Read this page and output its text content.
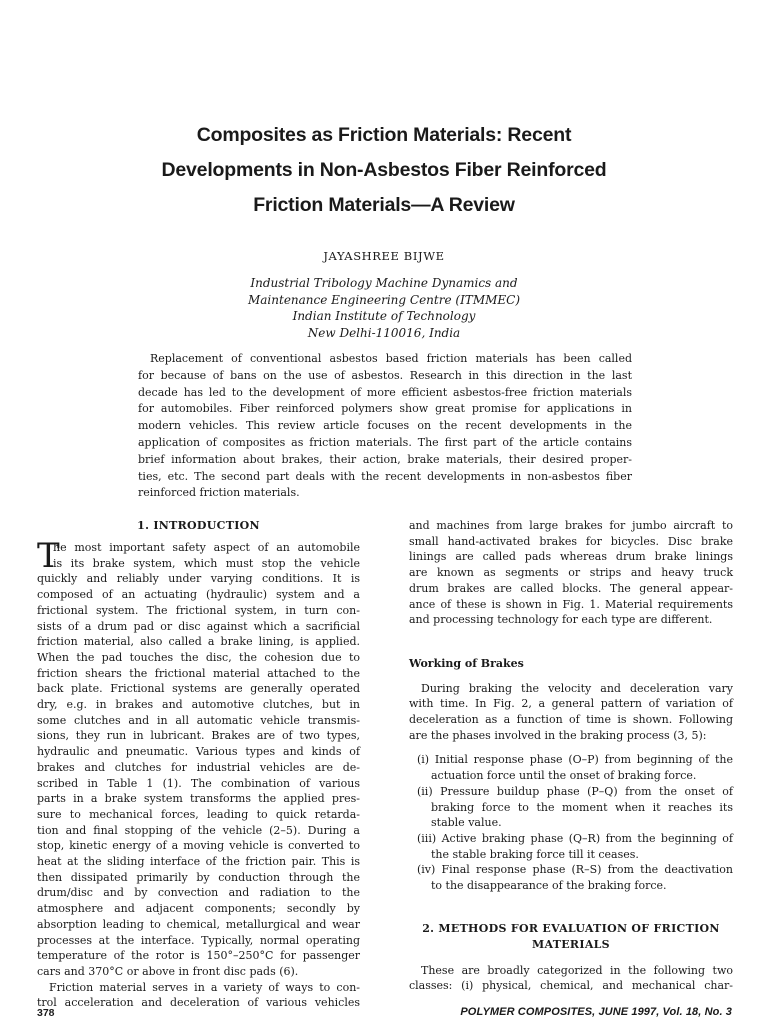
Composites as Friction Materials: Recent
Developments in Non-Asbestos Fiber Reinforced
Friction Materials—A Review
JAYASHREE BIJWE
Industrial Tribology Machine Dynamics and
Maintenance Engineering Centre (ITMMEC)
Indian Institute of Technology
New Delhi-110016, India
Replacement of conventional asbestos based friction materials has been called
for because of bans on the use of asbestos. Research in this direction in the last
decade has led to the development of more efficient asbestos-free friction materials
for automobiles. Fiber reinforced polymers show great promise for applications in
modern vehicles. This review article focuses on the recent developments in the
application of composites as friction materials. The first part of the article contains
brief information about brakes, their action, brake materials, their desired proper-
ties, etc. The second part deals with the recent developments in non-asbestos fiber
reinforced friction materials.
1. INTRODUCTION
T
he most important safety aspect of an automobile
is its brake system, which must stop the vehicle
quickly and reliably under varying conditions. It is
composed of an actuating (hydraulic) system and a
frictional system. The frictional system, in turn con-
sists of a drum pad or disc against which a sacrificial
friction material, also called a brake lining, is applied.
When the pad touches the disc, the cohesion due to
friction shears the frictional material attached to the
back plate. Frictional systems are generally operated
dry, e.g. in brakes and automotive clutches, but in
some clutches and in all automatic vehicle transmis-
sions, they run in lubricant. Brakes are of two types,
hydraulic and pneumatic. Various types and kinds of
brakes and clutches for industrial vehicles are de-
scribed in Table 1 (1). The combination of various
parts in a brake system transforms the applied pres-
sure to mechanical forces, leading to quick retarda-
tion and final stopping of the vehicle (2–5). During a
stop, kinetic energy of a moving vehicle is converted to
heat at the sliding interface of the friction pair. This is
then dissipated primarily by conduction through the
drum/disc and by convection and radiation to the
atmosphere and adjacent components; secondly by
absorption leading to chemical, metallurgical and wear
processes at the interface. Typically, normal operating
temperature of the rotor is 150°–250°C for passenger
cars and 370°C or above in front disc pads (6).
Friction material serves in a variety of ways to con-
trol acceleration and deceleration of various vehicles
and machines from large brakes for jumbo aircraft to
small hand-activated brakes for bicycles. Disc brake
linings are called pads whereas drum brake linings
are known as segments or strips and heavy truck
drum brakes are called blocks. The general appear-
ance of these is shown in Fig. 1. Material requirements
and processing technology for each type are different.
Working of Brakes
During braking the velocity and deceleration vary
with time. In Fig. 2, a general pattern of variation of
deceleration as a function of time is shown. Following
are the phases involved in the braking process (3, 5):
(i) Initial response phase (O–P) from beginning of the
actuation force until the onset of braking force.
(ii) Pressure buildup phase (P–Q) from the onset of
braking force to the moment when it reaches its
stable value.
(iii) Active braking phase (Q–R) from the beginning of
the stable braking force till it ceases.
(iv) Final response phase (R–S) from the deactivation
to the disappearance of the braking force.
2. METHODS FOR EVALUATION OF FRICTION
MATERIALS
These are broadly categorized in the following two
classes: (i) physical, chemical, and mechanical char-
378	POLYMER COMPOSITES, JUNE 1997, Vol. 18, No. 3
